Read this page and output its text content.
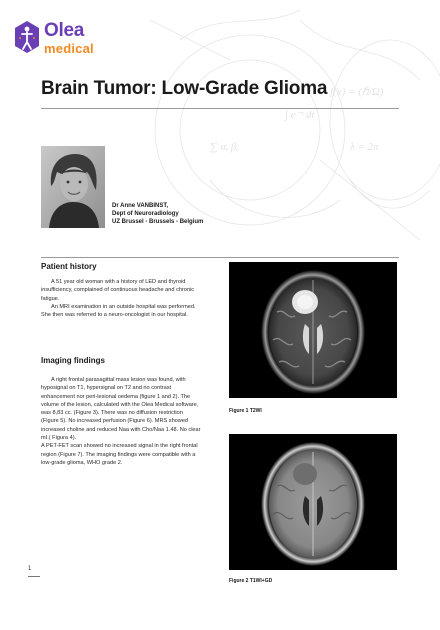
f(x) = (ℏ/Ω)
∫ e⁻ᵗ dt
∑ αᵢ βᵢ	λ = 2π
Olea
medical
Brain Tumor: Low-Grade Glioma
Dr Anne VANBINST,
Dept of Neuroradiology
UZ Brussel - Brussels - Belgium
Patient history

A 51 year old woman with a history of LED and thyroid insufficiency, complained of continuous headache and chronic fatigue.

An MRI examination in an outside hospital was performed. She then was referred to a neuro-oncologist in our hospital.

Imaging findings

A right frontal parasagittal mass lesion was found, with hyposignal on T1, hypersignal on T2 and no contrast enhancement nor peri-lesional oedema (figure 1 and 2). The volume of the lesion, calculated with the Olea Medical software, was 8,83 cc. (Figure 3). There was no diffusion restriction (Figure 5). No increased perfusion (Figure 6). MRS showed increased choline and reduced Naa with Cho/Naa 1.48. No clear mI.( Figura 4).

A PET-FET scan showed no increased signal in the right frontal region (Figure 7). The imaging findings were compatible with a low-grade glioma, WHO grade 2.

Figure 1 T2WI
Figure 2 T1WI+GD
1
